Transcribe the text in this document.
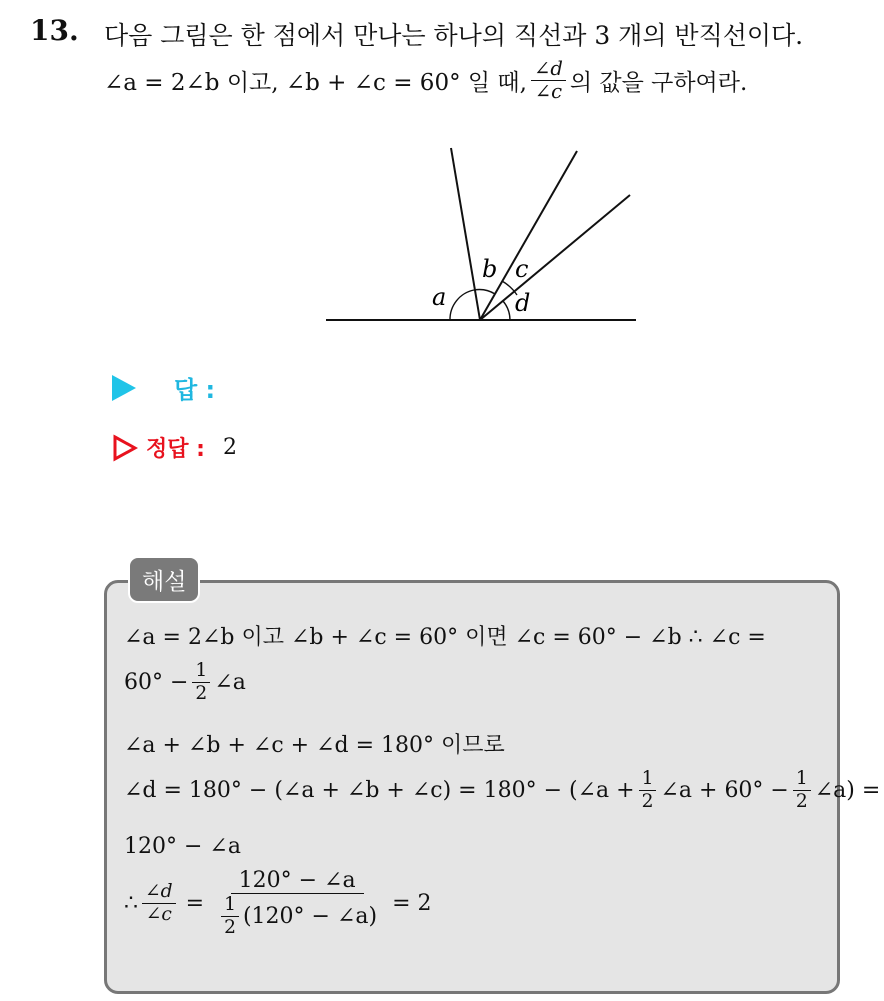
13. 다음 그림은 한 점에서 만나는 하나의 직선과 3 개의 반직선이다.
∠a = 2∠b 이고, ∠b + ∠c = 60° 일 때, $\frac{\angle d}{\angle c}$ 의 값을 구하여라.
a
b c
d
답 :
정답 : 2
해설
∠a = 2∠b 이고 ∠b + ∠c = 60° 이면 ∠c = 60° − ∠b ∴ ∠c =
$60^\circ - \frac{1}{2}$ ∠a
∠a + ∠b + ∠c + ∠d = 180° 이므로
∠d = 180° − (∠a + ∠b + ∠c) = 180° − (∠a + $\frac{1}{2}$ ∠a + $60^\circ - \frac{1}{2}$ ∠a) =
120° − ∠a
∴ $\frac{\angle d}{\angle c} = \frac{120^\circ - \angle a}{\frac{1}{2} (120^\circ - \angle a)} = 2$
